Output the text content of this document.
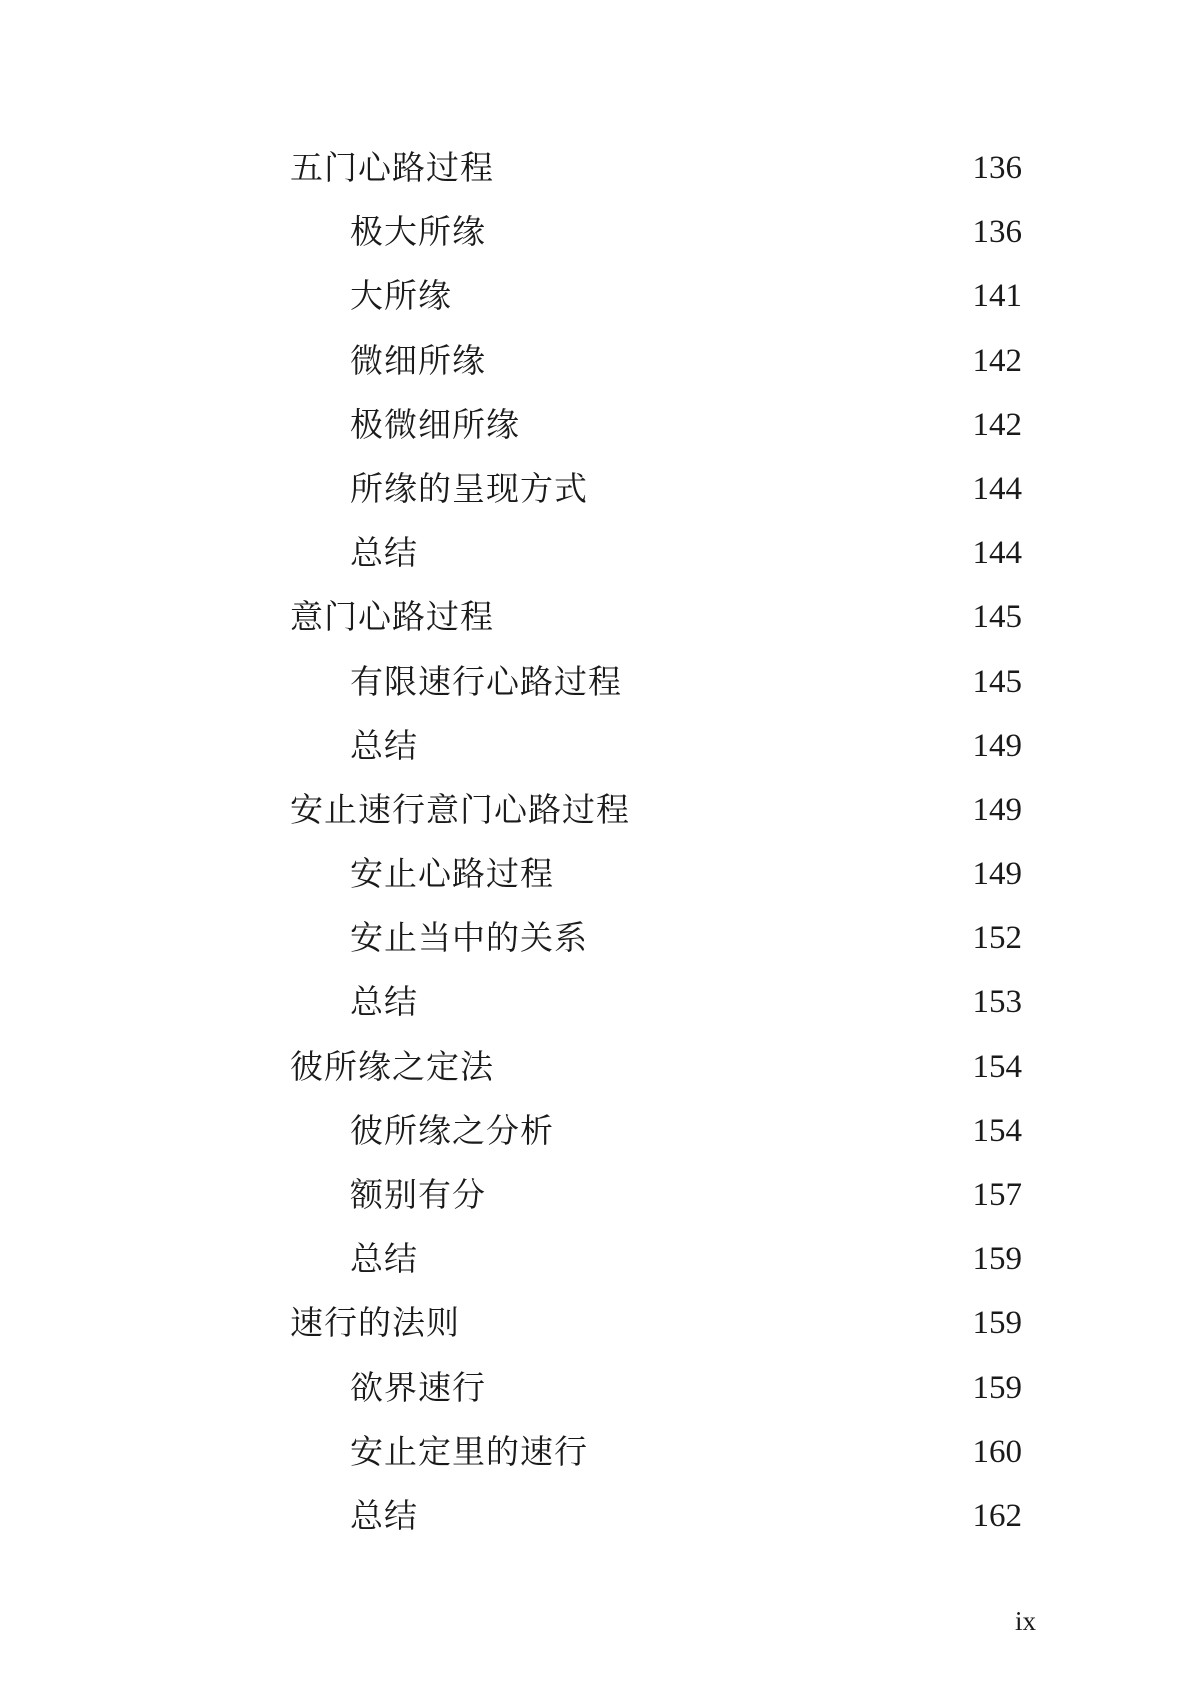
五门心路过程	136
极大所缘	136
大所缘	141
微细所缘	142
极微细所缘	142
所缘的呈现方式	144
总结	144
意门心路过程	145
有限速行心路过程	145
总结	149
安止速行意门心路过程	149
安止心路过程	149
安止当中的关系	152
总结	153
彼所缘之定法	154
彼所缘之分析	154
额别有分	157
总结	159
速行的法则	159
欲界速行	159
安止定里的速行	160
总结	162
ix
